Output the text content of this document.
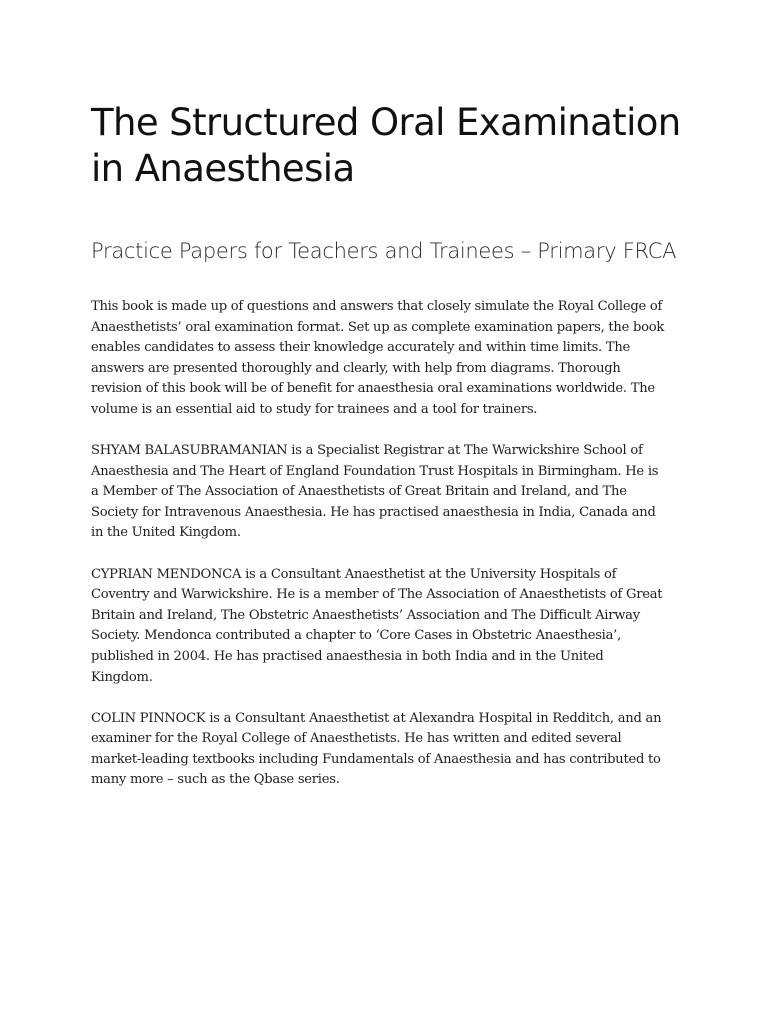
The Structured Oral Examination
in Anaesthesia
Practice Papers for Teachers and Trainees – Primary FRCA

This book is made up of questions and answers that closely simulate the Royal College of Anaesthetists’ oral examination format. Set up as complete examination papers, the book enables candidates to assess their knowledge accurately and within time limits. The answers are presented thoroughly and clearly, with help from diagrams. Thorough revision of this book will be of benefit for anaesthesia oral examinations worldwide. The volume is an essential aid to study for trainees and a tool for trainers.

SHYAM BALASUBRAMANIAN is a Specialist Registrar at The Warwickshire School of Anaesthesia and The Heart of England Foundation Trust Hospitals in Birmingham. He is a Member of The Association of Anaesthetists of Great Britain and Ireland, and The Society for Intravenous Anaesthesia. He has practised anaesthesia in India, Canada and in the United Kingdom.

CYPRIAN MENDONCA is a Consultant Anaesthetist at the University Hospitals of Coventry and Warwickshire. He is a member of The Association of Anaesthetists of Great Britain and Ireland, The Obstetric Anaesthetists’ Association and The Difficult Airway Society. Mendonca contributed a chapter to ‘Core Cases in Obstetric Anaesthesia’, published in 2004. He has practised anaesthesia in both India and in the United Kingdom.

COLIN PINNOCK is a Consultant Anaesthetist at Alexandra Hospital in Redditch, and an examiner for the Royal College of Anaesthetists. He has written and edited several market-leading textbooks including Fundamentals of Anaesthesia and has contributed to many more – such as the Qbase series.
